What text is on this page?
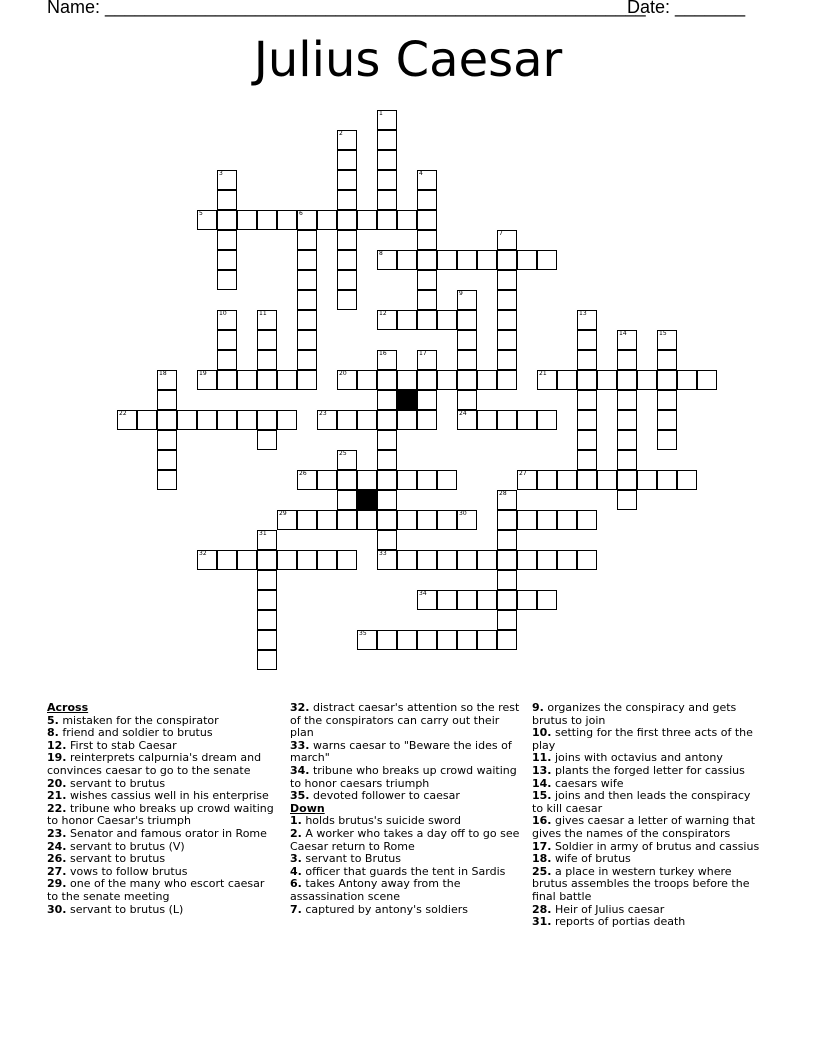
Name: ______________________________________________________
Date: _______
Julius Caesar
1
2
3	4
5	6
7
8
9
10	11	12	13
14	15
16	17
18	19	20	21
22	23	24
25
26	27
28
29	30
31
32	33
34
35
Across
5. mistaken for the conspirator
8. friend and soldier to brutus
12. First to stab Caesar
19. reinterprets calpurnia's dream and convinces caesar to go to the senate
20. servant to brutus
21. wishes cassius well in his enterprise
22. tribune who breaks up crowd waiting to honor Caesar's triumph
23. Senator and famous orator in Rome
24. servant to brutus (V)
26. servant to brutus
27. vows to follow brutus
29. one of the many who escort caesar to the senate meeting
30. servant to brutus (L)
32. distract caesar's attention so the rest of the conspirators can carry out their plan
33. warns caesar to "Beware the ides of march"
34. tribune who breaks up crowd waiting to honor caesars triumph
35. devoted follower to caesar
Down
1. holds brutus's suicide sword
2. A worker who takes a day off to go see Caesar return to Rome
3. servant to Brutus
4. officer that guards the tent in Sardis
6. takes Antony away from the assassination scene
7. captured by antony's soldiers
9. organizes the conspiracy and gets brutus to join
10. setting for the first three acts of the play
11. joins with octavius and antony
13. plants the forged letter for cassius
14. caesars wife
15. joins and then leads the conspiracy to kill caesar
16. gives caesar a letter of warning that gives the names of the conspirators
17. Soldier in army of brutus and cassius
18. wife of brutus
25. a place in western turkey where brutus assembles the troops before the final battle
28. Heir of Julius caesar
31. reports of portias death
